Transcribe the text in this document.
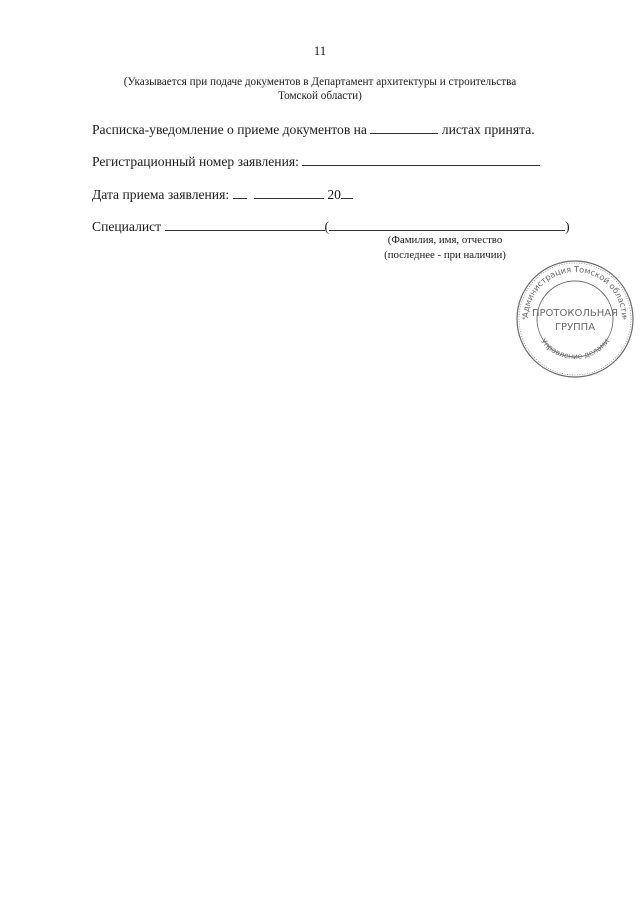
11
(Указывается при подаче документов в Департамент архитектуры и строительства
Томской области)
Расписка-уведомление о приеме документов на	листах принята.
Регистрационный номер заявления:
Дата приема заявления:	20
Специалист	(	)
(Фамилия, имя, отчество
(последнее - при наличии)
Администрация Томской области
Управление делами
ПРОТОКОЛЬНАЯ
ГРУППА
*	*
